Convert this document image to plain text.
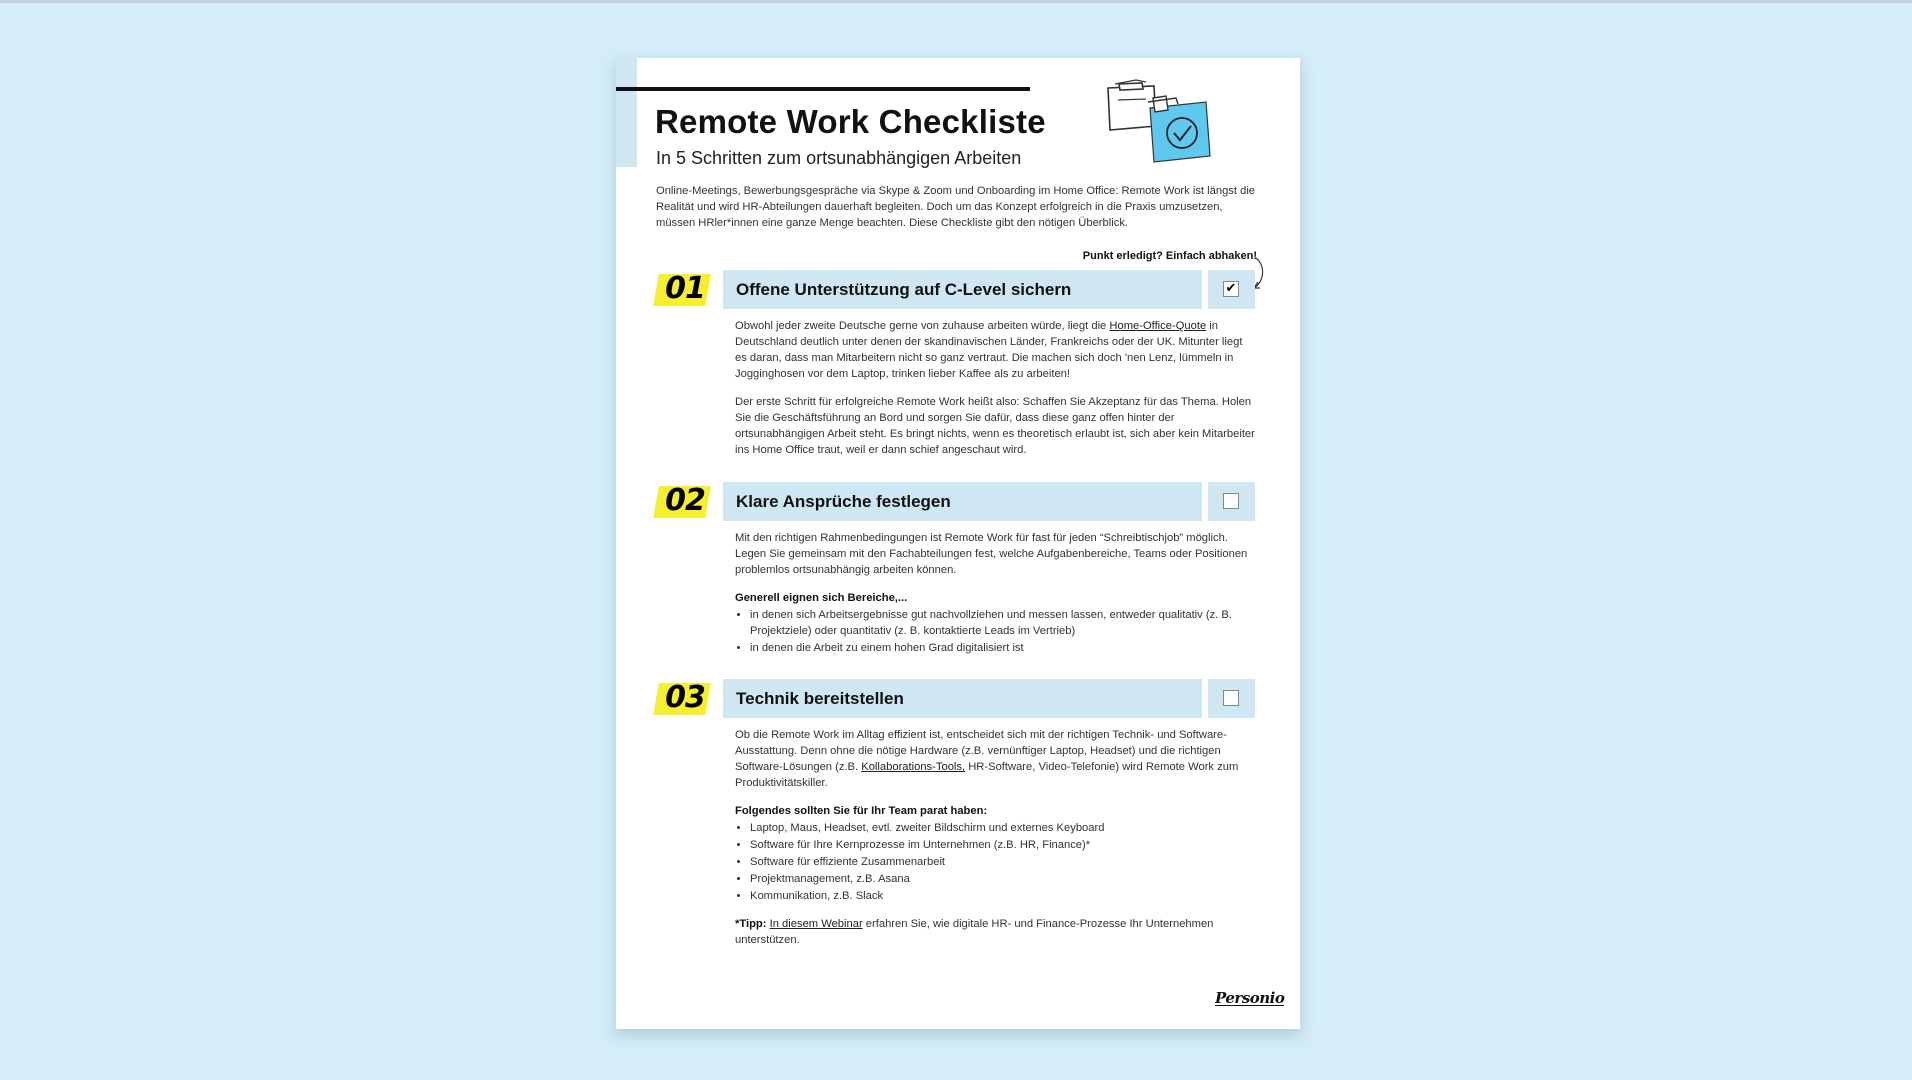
Remote Work Checkliste
In 5 Schritten zum ortsunabhängigen Arbeiten

Online-Meetings, Bewerbungsgespräche via Skype & Zoom und Onboarding im Home Office: Remote Work ist längst die Realität und wird HR-Abteilungen dauerhaft begleiten. Doch um das Konzept erfolgreich in die Praxis umzusetzen, müssen HRler*innen eine ganze Menge beachten. Diese Checkliste gibt den nötigen Überblick.

Punkt erledigt? Einfach abhaken!
01	Offene Unterstützung auf C-Level sichern	✔

Obwohl jeder zweite Deutsche gerne von zuhause arbeiten würde, liegt die Home-Office-Quote in Deutschland deutlich unter denen der skandinavischen Länder, Frankreichs oder der UK. Mitunter liegt es daran, dass man Mitarbeitern nicht so ganz vertraut. Die machen sich doch 'nen Lenz, lümmeln in Jogginghosen vor dem Laptop, trinken lieber Kaffee als zu arbeiten!

Der erste Schritt für erfolgreiche Remote Work heißt also: Schaffen Sie Akzeptanz für das Thema. Holen Sie die Geschäftsführung an Bord und sorgen Sie dafür, dass diese ganz offen hinter der ortsunabhängigen Arbeit steht. Es bringt nichts, wenn es theoretisch erlaubt ist, sich aber kein Mitarbeiter ins Home Office traut, weil er dann schief angeschaut wird.

02	Klare Ansprüche festlegen

Mit den richtigen Rahmenbedingungen ist Remote Work für fast für jeden “Schreibtischjob” möglich. Legen Sie gemeinsam mit den Fachabteilungen fest, welche Aufgabenbereiche, Teams oder Positionen problemlos ortsunabhängig arbeiten können.

Generell eignen sich Bereiche,...
• in denen sich Arbeitsergebnisse gut nachvollziehen und messen lassen, entweder qualitativ (z. B. Projektziele) oder quantitativ (z. B. kontaktierte Leads im Vertrieb)
• in denen die Arbeit zu einem hohen Grad digitalisiert ist
03	Technik bereitstellen

Ob die Remote Work im Alltag effizient ist, entscheidet sich mit der richtigen Technik- und Software-Ausstattung. Denn ohne die nötige Hardware (z.B. vernünftiger Laptop, Headset) und die richtigen Software-Lösungen (z.B. Kollaborations-Tools, HR-Software, Video-Telefonie) wird Remote Work zum Produktivitätskiller.

Folgendes sollten Sie für Ihr Team parat haben:
• Laptop, Maus, Headset, evtl. zweiter Bildschirm und externes Keyboard
• Software für Ihre Kernprozesse im Unternehmen (z.B. HR, Finance)*
• Software für effiziente Zusammenarbeit
• Projektmanagement, z.B. Asana
• Kommunikation, z.B. Slack

*Tipp: In diesem Webinar erfahren Sie, wie digitale HR- und Finance-Prozesse Ihr Unternehmen unterstützen.

Personio
